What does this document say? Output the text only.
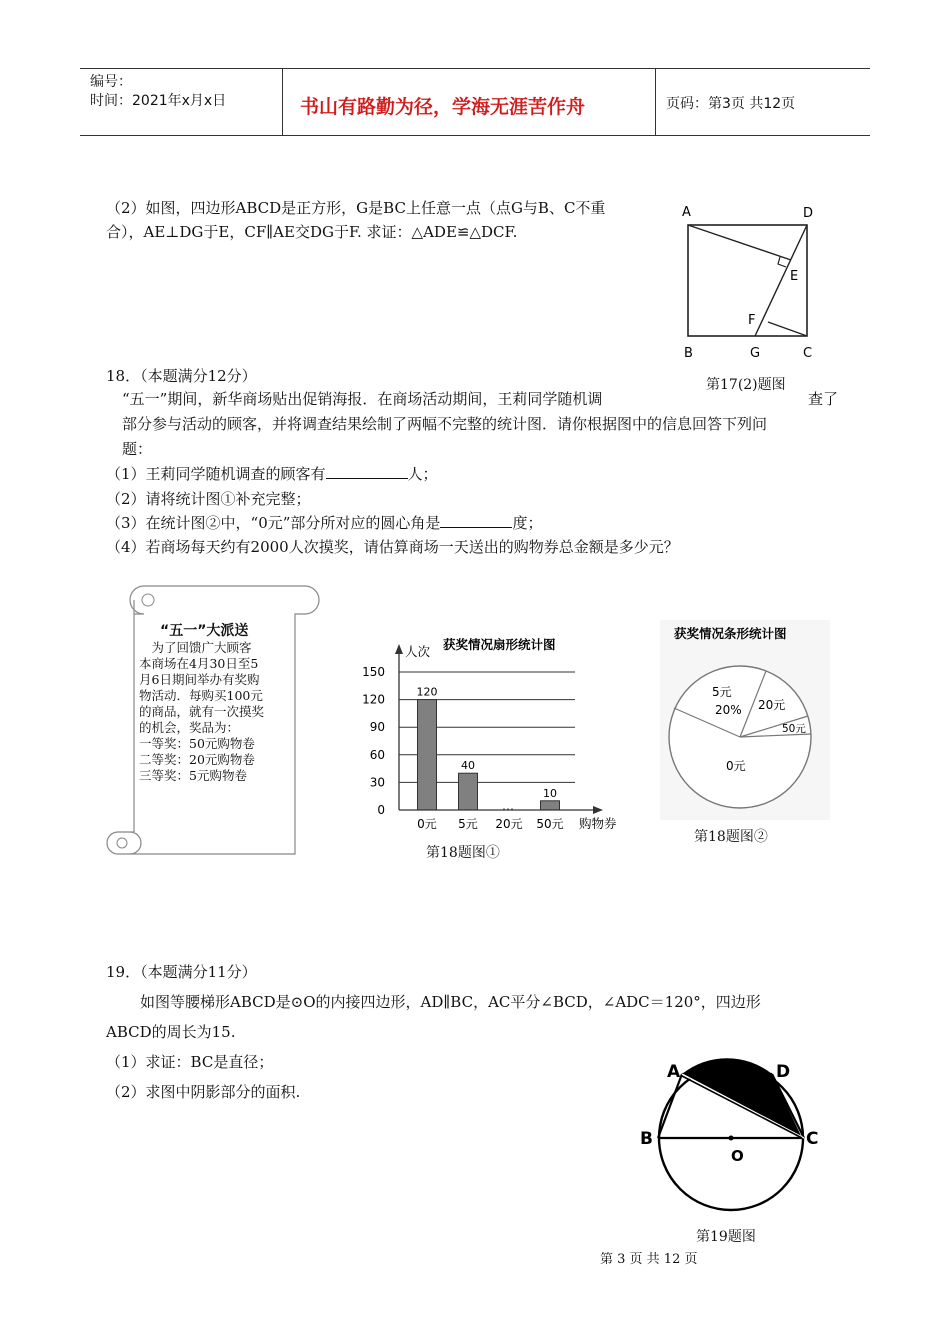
编号：
时间：2021年x月x日	书山有路勤为径，学海无涯苦作舟	页码：第3页 共12页
（2）如图，四边形ABCD是正方形，G是BC上任意一点（点G与B、C不重
合），AE⊥DG于E，CF∥AE交DG于F. 求证：△ADE≌△DCF.
A	D
E
F
B	G	C
第17(2)题图
18．（本题满分12分）
“五一”期间，新华商场贴出促销海报．在商场活动期间，王莉同学随机调	查了
部分参与活动的顾客，并将调查结果绘制了两幅不完整的统计图．请你根据图中的信息回答下列问
题：
（1）王莉同学随机调查的顾客有	人；
（2）请将统计图①补充完整；
（3）在统计图②中，“0元”部分所对应的圆心角是	度；
（4）若商场每天约有2000人次摸奖，请估算商场一天送出的购物券总金额是多少元？
“五一”大派送
　为了回馈广大顾客
本商场在4月30日至5
月6日期间举办有奖购
物活动．每购买100元
的商品，就有一次摸奖
的机会，奖品为：
一等奖：50元购物卷
二等奖：20元购物卷
三等奖：5元购物卷
获奖情况扇形统计图
人次
购物券
150
120
90
60
30
0
120
40
10
0元 5元 20元 50元
第18题图①
获奖情况条形统计图
5元
20% 20元
50元
0元
第18题图②
19．（本题满分11分）
如图等腰梯形ABCD是⊙O的内接四边形，AD∥BC，AC平分∠BCD，∠ADC＝120°，四边形
ABCD的周长为15.
（1）求证：BC是直径；
（2）求图中阴影部分的面积.
A	D
B	C
O
第19题图
第 3 页 共 12 页
